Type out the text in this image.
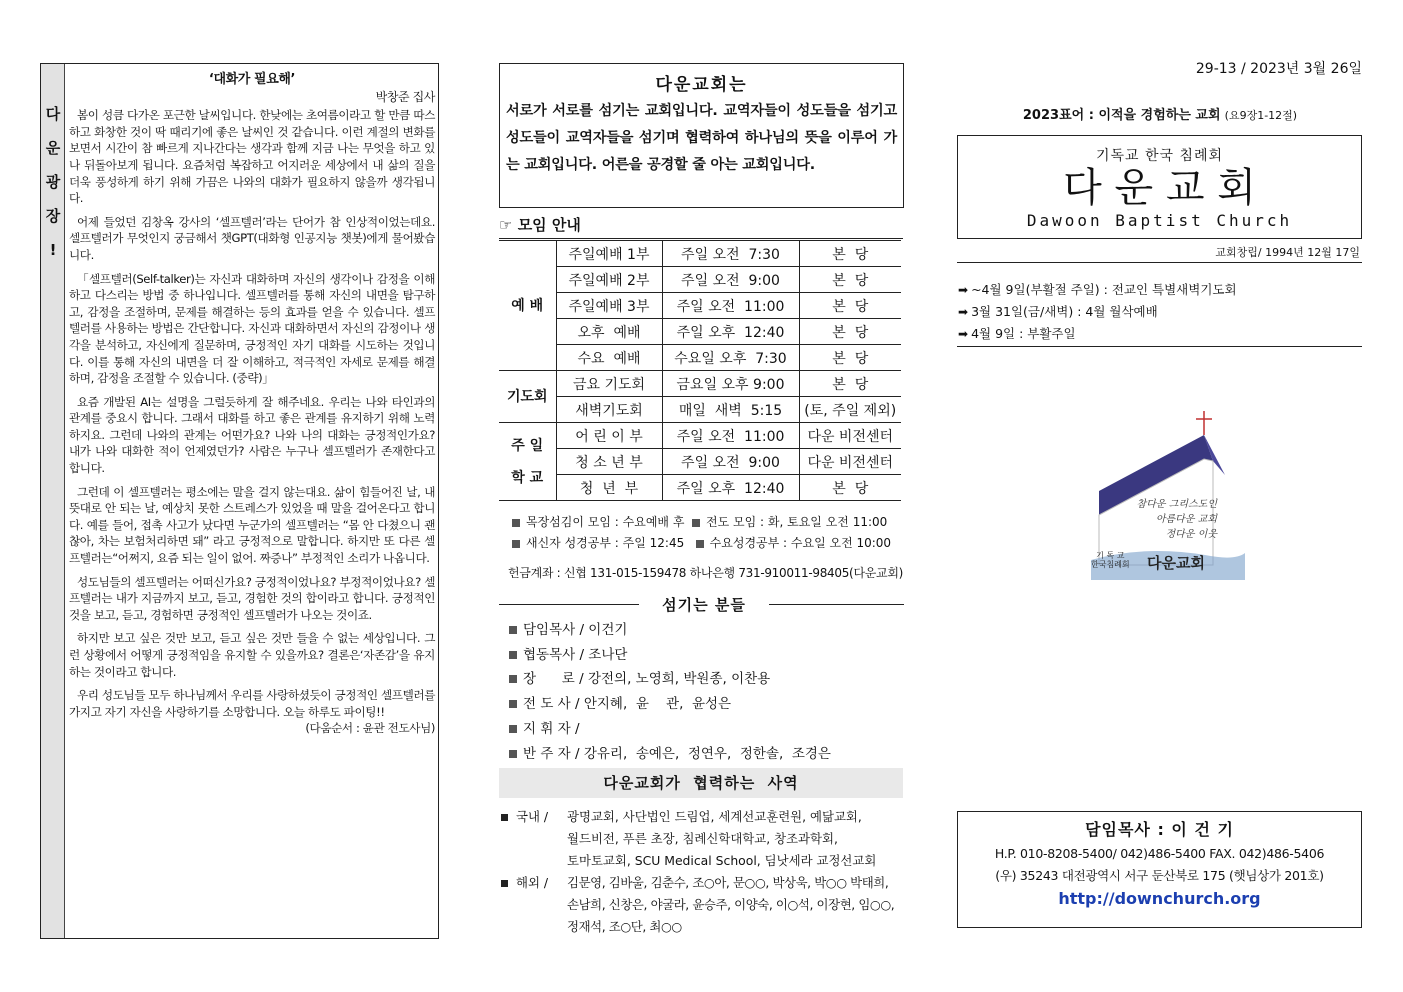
다
운
광
장
!
‘대화가 필요해’
박창준 집사

봄이 성큼 다가온 포근한 날씨입니다. 한낮에는 초여름이라고 할 만큼 따스하고 화창한 것이 딱 때리기에 좋은 날씨인 것 같습니다. 이런 계절의 변화를 보면서 시간이 참 빠르게 지나간다는 생각과 함께 지금 나는 무엇을 하고 있나 뒤돌아보게 됩니다. 요즘처럼 복잡하고 어지러운 세상에서 내 삶의 질을 더욱 풍성하게 하기 위해 가끔은 나와의 대화가 필요하지 않을까 생각됩니다.

어제 들었던 김창옥 강사의 ‘셀프텔러’라는 단어가 참 인상적이었는데요. 셀프텔러가 무엇인지 궁금해서 챗GPT(대화형 인공지능 챗봇)에게 물어봤습니다.

「셀프텔러(Self-talker)는 자신과 대화하며 자신의 생각이나 감정을 이해하고 다스리는 방법 중 하나입니다. 셀프텔러를 통해 자신의 내면을 탐구하고, 감정을 조절하며, 문제를 해결하는 등의 효과를 얻을 수 있습니다. 셀프텔러를 사용하는 방법은 간단합니다. 자신과 대화하면서 자신의 감정이나 생각을 분석하고, 자신에게 질문하며, 긍정적인 자기 대화를 시도하는 것입니다. 이를 통해 자신의 내면을 더 잘 이해하고, 적극적인 자세로 문제를 해결하며, 감정을 조절할 수 있습니다. (중략)」

요즘 개발된 AI는 설명을 그럴듯하게 잘 해주네요. 우리는 나와 타인과의 관계를 중요시 합니다. 그래서 대화를 하고 좋은 관계를 유지하기 위해 노력하지요. 그런데 나와의 관계는 어떤가요? 나와 나의 대화는 긍정적인가요? 내가 나와 대화한 적이 언제였던가? 사람은 누구나 셀프텔러가 존재한다고 합니다.

그런데 이 셀프텔러는 평소에는 말을 걸지 않는대요. 삶이 힘들어진 날, 내 뜻대로 안 되는 날, 예상치 못한 스트레스가 있었을 때 말을 걸어온다고 합니다. 예를 들어, 접촉 사고가 났다면 누군가의 셀프텔러는 “몸 안 다쳤으니 괜찮아, 차는 보험처리하면 돼” 라고 긍정적으로 말합니다. 하지만 또 다른 셀프텔러는“어쩌지, 요즘 되는 일이 없어. 짜증나” 부정적인 소리가 나옵니다.

성도님들의 셀프텔러는 어떠신가요? 긍정적이었나요? 부정적이었나요? 셀프텔러는 내가 지금까지 보고, 듣고, 경험한 것의 합이라고 합니다. 긍정적인 것을 보고, 듣고, 경험하면 긍정적인 셀프텔러가 나오는 것이죠.

하지만 보고 싶은 것만 보고, 듣고 싶은 것만 들을 수 없는 세상입니다. 그런 상황에서 어떻게 긍정적임을 유지할 수 있을까요? 결론은‘자존감’을 유지하는 것이라고 합니다.

우리 성도님들 모두 하나님께서 우리를 사랑하셨듯이 긍정적인 셀프텔러를 가지고 자기 자신을 사랑하기를 소망합니다. 오늘 하루도 파이팅!!
(다움순서 : 윤관 전도사님)

다운교회는
서로가 서로를 섬기는 교회입니다. 교역자들이 성도들을 섬기고 성도들이 교역자들을 섬기며 협력하여 하나님의 뜻을 이루어 가는 교회입니다. 어른을 공경할 줄 아는 교회입니다.
☞ 모임 안내
예 배	주일예배 1부	주일 오전  7:30	본  당
	주일예배 2부	주일 오전  9:00	본  당
	주일예배 3부	주일 오전  11:00	본  당
	오후  예배	주일 오후  12:40	본  당
	수요  예배	수요일 오후  7:30	본  당
기도회	금요 기도회	금요일 오후 9:00	본  당
	새벽기도회	매일  새벽  5:15	(토, 주일 제외)
주 일
학 교	어 린 이 부	주일 오전  11:00	다운 비전센터
	청 소 년 부	주일 오전  9:00	다운 비전센터
	청  년  부	주일 오후  12:40	본  당
목장섬김이 모임 : 수요예배 후 전도 모임 : 화, 토요일 오전 11:00
새신자 성경공부 : 주일 12:45 수요성경공부 : 수요일 오전 10:00
헌금계좌 : 신협 131-015-159478 하나은행 731-910011-98405(다운교회)
섬기는 분들
담임목사 / 이건기
협동목사 / 조나단
장      로 / 강전의, 노영희, 박원종, 이찬용
전 도 사 / 안지혜,  윤    관,  윤성은
지 휘 자 /
반 주 자 / 강유리,  송예은,  정연우,  정한솔,  조경은
다운교회가  협력하는  사역
국내 /	광명교회, 사단법인 드림업, 세계선교훈련원, 예닮교회,
월드비전, 푸른 초장, 침례신학대학교, 창조과학회,
토마토교회, SCU Medical School, 딤낫세라 교정선교회
해외 /	김문영, 김바울, 김춘수, 조○아, 문○○, 박상욱, 박○○ 박태희,
손남희, 신창은, 야굴라, 윤승주, 이양숙, 이○석, 이장현, 임○○,
정재석, 조○단, 최○○
29-13 / 2023년 3월 26일
2023표어 : 이적을 경험하는 교회 (요9장1-12절)
기독교 한국 침례회
다 운 교 회
Dawoon Baptist Church
교회창립/ 1994년 12월 17일
➡ ~4월 9일(부활절 주일) : 전교인 특별새벽기도회
➡ 3월 31일(금/새벽) : 4월 월삭예배
➡ 4월 9일 : 부활주일
참다운 그리스도인
아름다운 교회
정다운 이웃
기 독 교
한국침례회 다운교회
담임목사 : 이 건 기
H.P. 010-8208-5400/ 042)486-5400 FAX. 042)486-5406
(우) 35243 대전광역시 서구 둔산북로 175 (햇님상가 201호)
http://downchurch.org
